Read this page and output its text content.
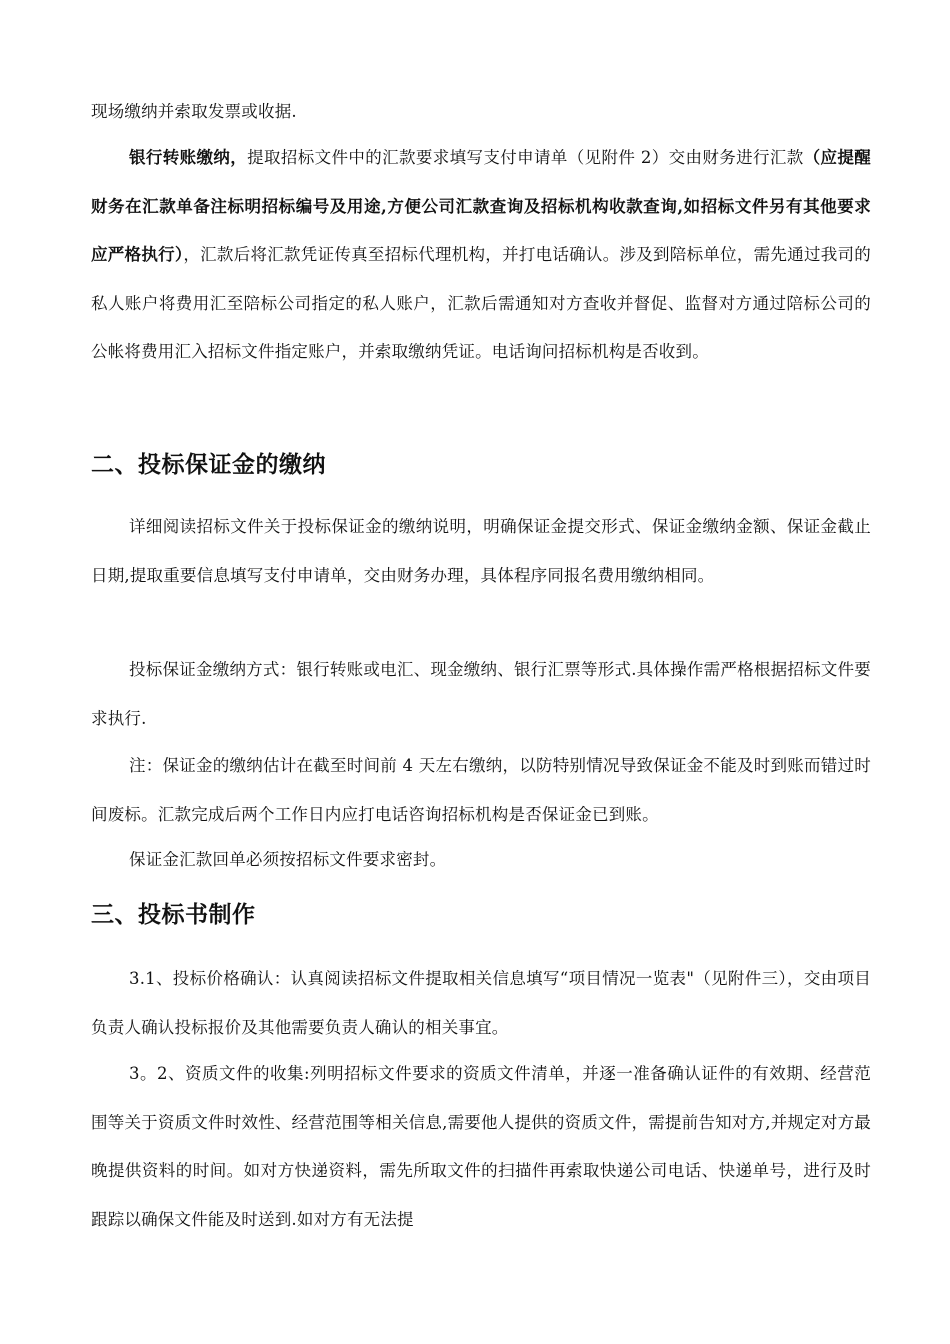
现场缴纳并索取发票或收据.

银行转账缴纳，提取招标文件中的汇款要求填写支付申请单（见附件 2）交由财务进行汇款（应提醒财务在汇款单备注标明招标编号及用途,方便公司汇款查询及招标机构收款查询,如招标文件另有其他要求应严格执行），汇款后将汇款凭证传真至招标代理机构，并打电话确认。涉及到陪标单位，需先通过我司的私人账户将费用汇至陪标公司指定的私人账户，汇款后需通知对方查收并督促、监督对方通过陪标公司的公帐将费用汇入招标文件指定账户，并索取缴纳凭证。电话询问招标机构是否收到。

二、投标保证金的缴纳

详细阅读招标文件关于投标保证金的缴纳说明，明确保证金提交形式、保证金缴纳金额、保证金截止日期,提取重要信息填写支付申请单，交由财务办理，具体程序同报名费用缴纳相同。

投标保证金缴纳方式：银行转账或电汇、现金缴纳、银行汇票等形式.具体操作需严格根据招标文件要求执行.

注：保证金的缴纳估计在截至时间前 4 天左右缴纳，以防特别情况导致保证金不能及时到账而错过时间废标。汇款完成后两个工作日内应打电话咨询招标机构是否保证金已到账。

保证金汇款回单必须按招标文件要求密封。

三、投标书制作

3.1、投标价格确认：认真阅读招标文件提取相关信息填写“项目情况一览表"（见附件三），交由项目负责人确认投标报价及其他需要负责人确认的相关事宜。

3。2、资质文件的收集:列明招标文件要求的资质文件清单，并逐一准备确认证件的有效期、经营范围等关于资质文件时效性、经营范围等相关信息,需要他人提供的资质文件，需提前告知对方,并规定对方最晚提供资料的时间。如对方快递资料，需先所取文件的扫描件再索取快递公司电话、快递单号，进行及时跟踪以确保文件能及时送到.如对方有无法提
